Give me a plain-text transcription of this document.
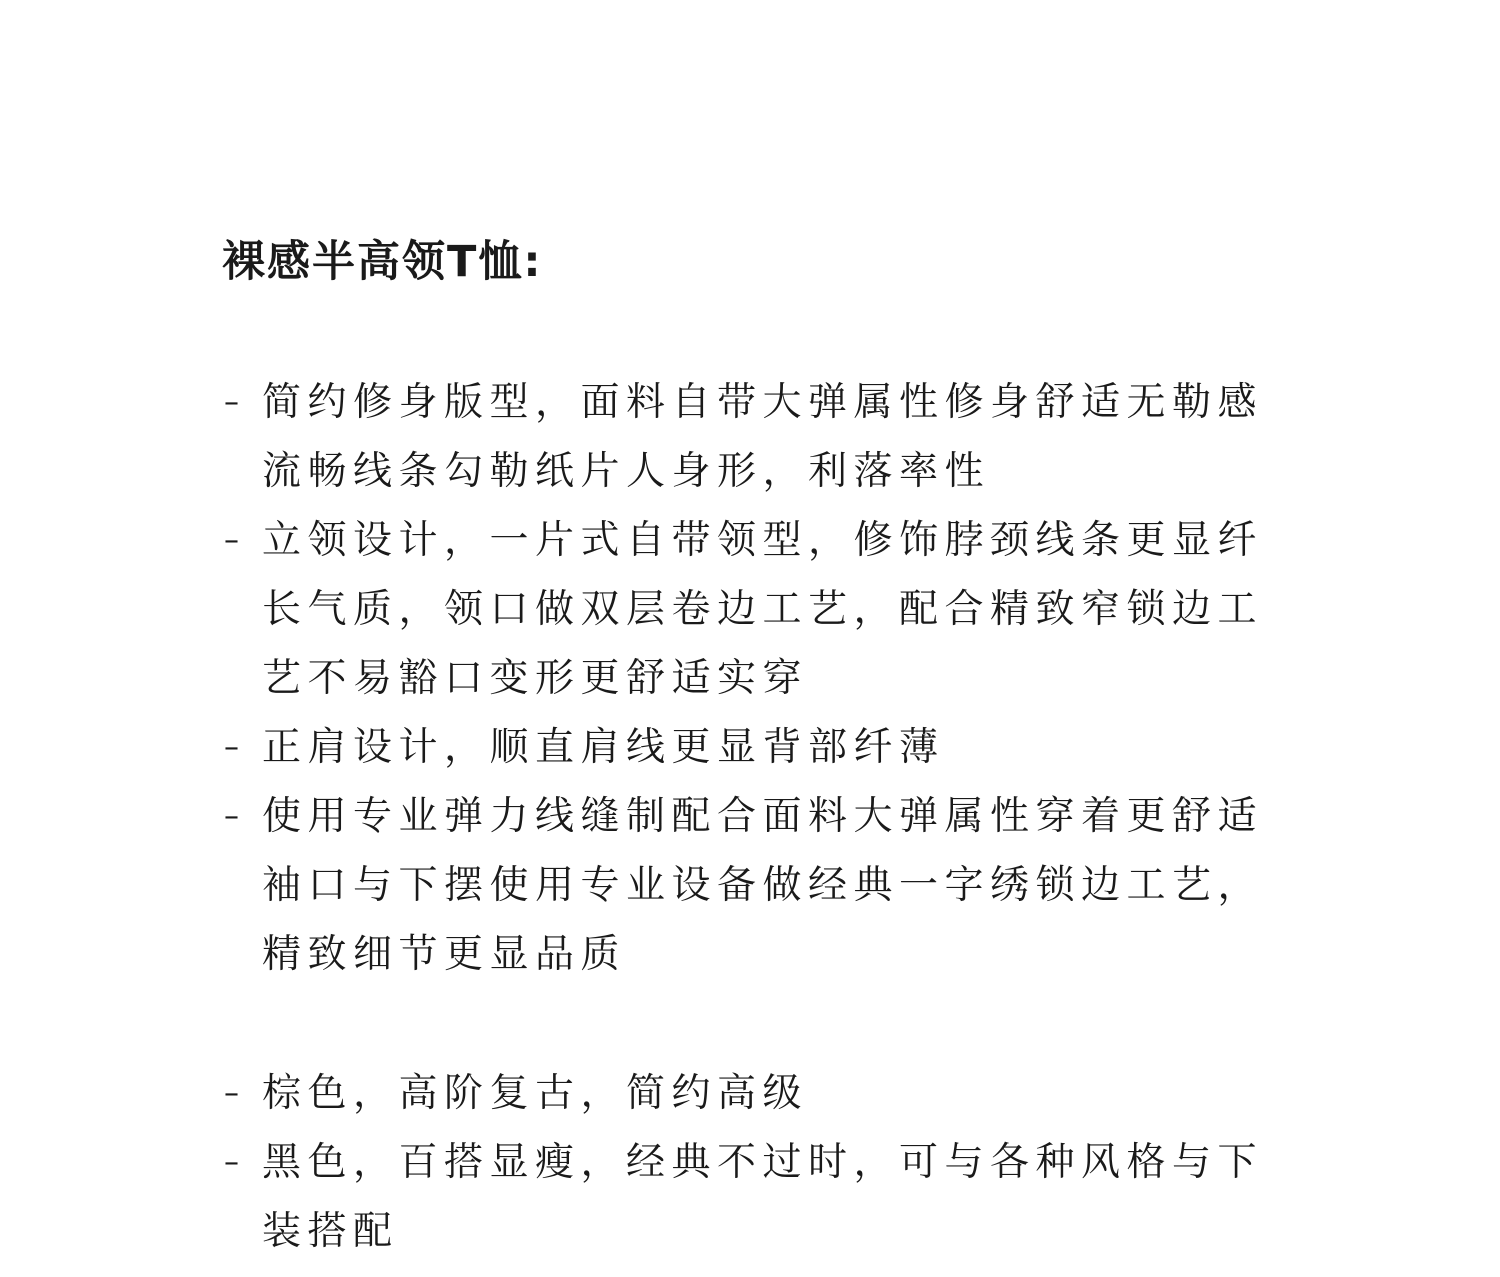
裸感半高领T恤:
– 简约修身版型，面料自带大弹属性修身舒适无勒感
流畅线条勾勒纸片人身形，利落率性
– 立领设计，一片式自带领型，修饰脖颈线条更显纤
长气质，领口做双层卷边工艺，配合精致窄锁边工
艺不易豁口变形更舒适实穿
– 正肩设计，顺直肩线更显背部纤薄
– 使用专业弹力线缝制配合面料大弹属性穿着更舒适
袖口与下摆使用专业设备做经典一字绣锁边工艺，
精致细节更显品质
– 棕色，高阶复古，简约高级
– 黑色，百搭显瘦，经典不过时，可与各种风格与下
装搭配
